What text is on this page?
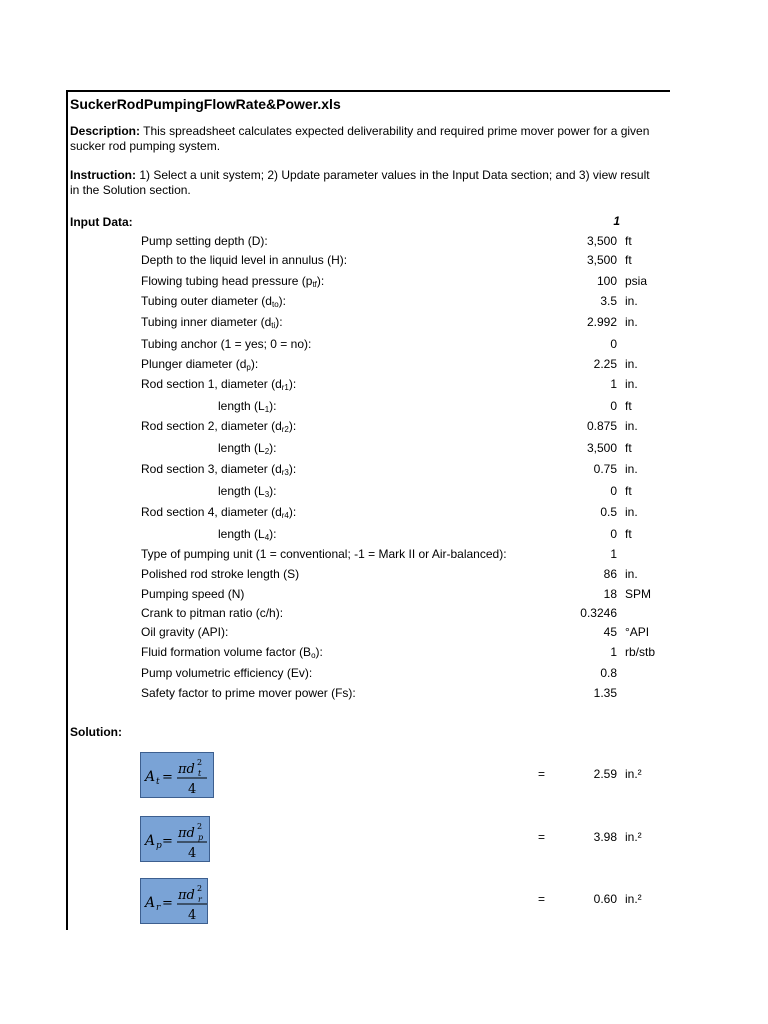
SuckerRodPumpingFlowRate&Power.xls
Description: This spreadsheet calculates expected deliverability and required prime mover power for a given sucker rod pumping system.
Instruction: 1) Select a unit system; 2) Update parameter values in the Input Data section; and 3) view result in the Solution section.
Input Data:	1
Pump setting depth (D):	3,500 ft
Depth to the liquid level in annulus (H):	3,500 ft
Flowing tubing head pressure $(p_{tf})$:	100 psia
Tubing outer diameter $(d_{to})$:	3.5 in.
Tubing inner diameter $(d_{ti})$:	2.992 in.
Tubing anchor (1 = yes; 0 = no):	0
Plunger diameter $(d_p)$:	2.25 in.
Rod section 1, diameter $(d_{r1})$:	1 in.
length $(L_1)$:	0 ft
Rod section 2, diameter $(d_{r2})$:	0.875 in.
length $(L_2)$:	3,500 ft
Rod section 3, diameter $(d_{r3})$:	0.75 in.
length $(L_3)$:	0 ft
Rod section 4, diameter $(d_{r4})$:	0.5 in.
length $(L_4)$:	0 ft
Type of pumping unit (1 = conventional; -1 = Mark II or Air-balanced):	1
Polished rod stroke length (S)	86 in.
Pumping speed (N)	18 SPM
Crank to pitman ratio (c/h):	0.3246
Oil gravity (API):	45 °API
Fluid formation volume factor $(B_o)$:	1 rb/stb
Pump volumetric efficiency (Ev):	0.8
Safety factor to prime mover power (Fs):	1.35
Solution:
A t =
πd 2
t
4
=	2.59 in.²
A p =
πd 2
p
4
=	3.98 in.²
A r =
πd 2
r
4
=	0.60 in.²
